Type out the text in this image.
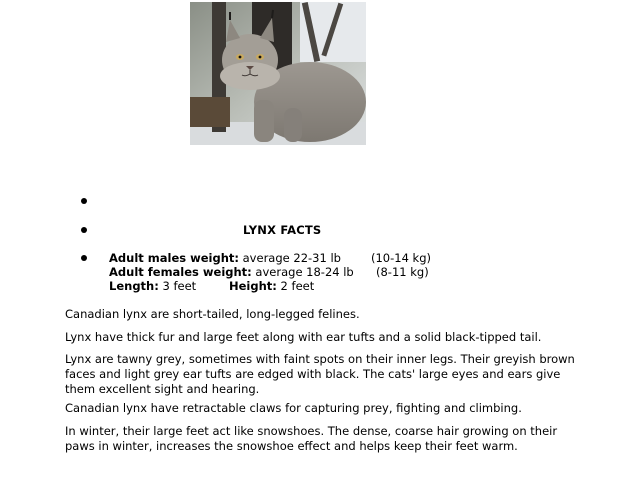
LYNX FACTS
Adult males weight: average 22-31 lb	(10-14 kg)
Adult females weight: average 18-24 lb (8-11 kg)
Length: 3 feet	Height: 2 feet

Canadian lynx are short-tailed, long-legged felines.

Lynx have thick fur and large feet along with ear tufts and a solid black-tipped tail.

Lynx are tawny grey, sometimes with faint spots on their inner legs. Their greyish brown faces and light grey ear tufts are edged with black. The cats' large eyes and ears give them excellent sight and hearing.

Canadian lynx have retractable claws for capturing prey, fighting and climbing.

In winter, their large feet act like snowshoes. The dense, coarse hair growing on their paws in winter, increases the snowshoe effect and helps keep their feet warm.
